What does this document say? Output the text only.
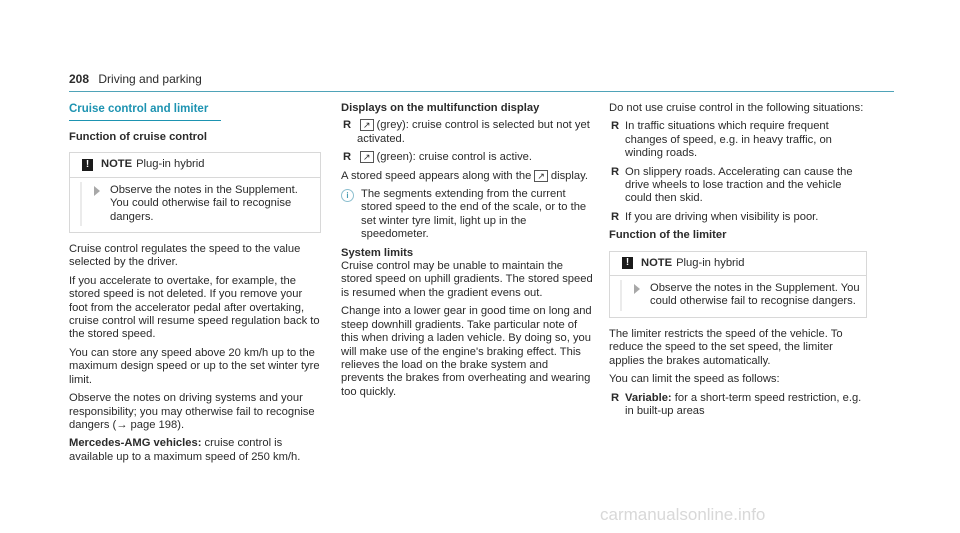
208 Driving and parking
Cruise control and limiter
Function of cruise control
!	NOTE Plug-in hybrid
Observe the notes in the Supplement. You could otherwise fail to recognise dangers.

Cruise control regulates the speed to the value selected by the driver.

If you accelerate to overtake, for example, the stored speed is not deleted. If you remove your foot from the accelerator pedal after overtaking, cruise control will resume speed regulation back to the stored speed.

You can store any speed above 20 km/h up to the maximum design speed or up to the set winter tyre limit.

Observe the notes on driving systems and your responsibility; you may otherwise fail to recognise dangers (→ page 198).

Mercedes-AMG vehicles: cruise control is available up to a maximum speed of 250 km/h.

Displays on the multifunction display
R ↗ (grey): cruise control is selected but not yet activated.
R ↗ (green): cruise control is active.

A stored speed appears along with the ↗ display.

i	The segments extending from the current stored speed to the end of the scale, or to the set winter tyre limit, light up in the speedometer.
System limits

Cruise control may be unable to maintain the stored speed on uphill gradients. The stored speed is resumed when the gradient evens out.

Change into a lower gear in good time on long and steep downhill gradients. Take particular note of this when driving a laden vehicle. By doing so, you will make use of the engine's braking effect. This relieves the load on the brake system and prevents the brakes from overheating and wearing too quickly.

Do not use cruise control in the following situations:

R In traffic situations which require frequent changes of speed, e.g. in heavy traffic, on winding roads.
R On slippery roads. Accelerating can cause the drive wheels to lose traction and the vehicle could then skid.
R If you are driving when visibility is poor.
Function of the limiter
!	NOTE Plug-in hybrid
Observe the notes in the Supplement. You could otherwise fail to recognise dangers.

The limiter restricts the speed of the vehicle. To reduce the speed to the set speed, the limiter applies the brakes automatically.

You can limit the speed as follows:

R Variable: for a short-term speed restriction, e.g. in built-up areas
carmanualsonline.info
